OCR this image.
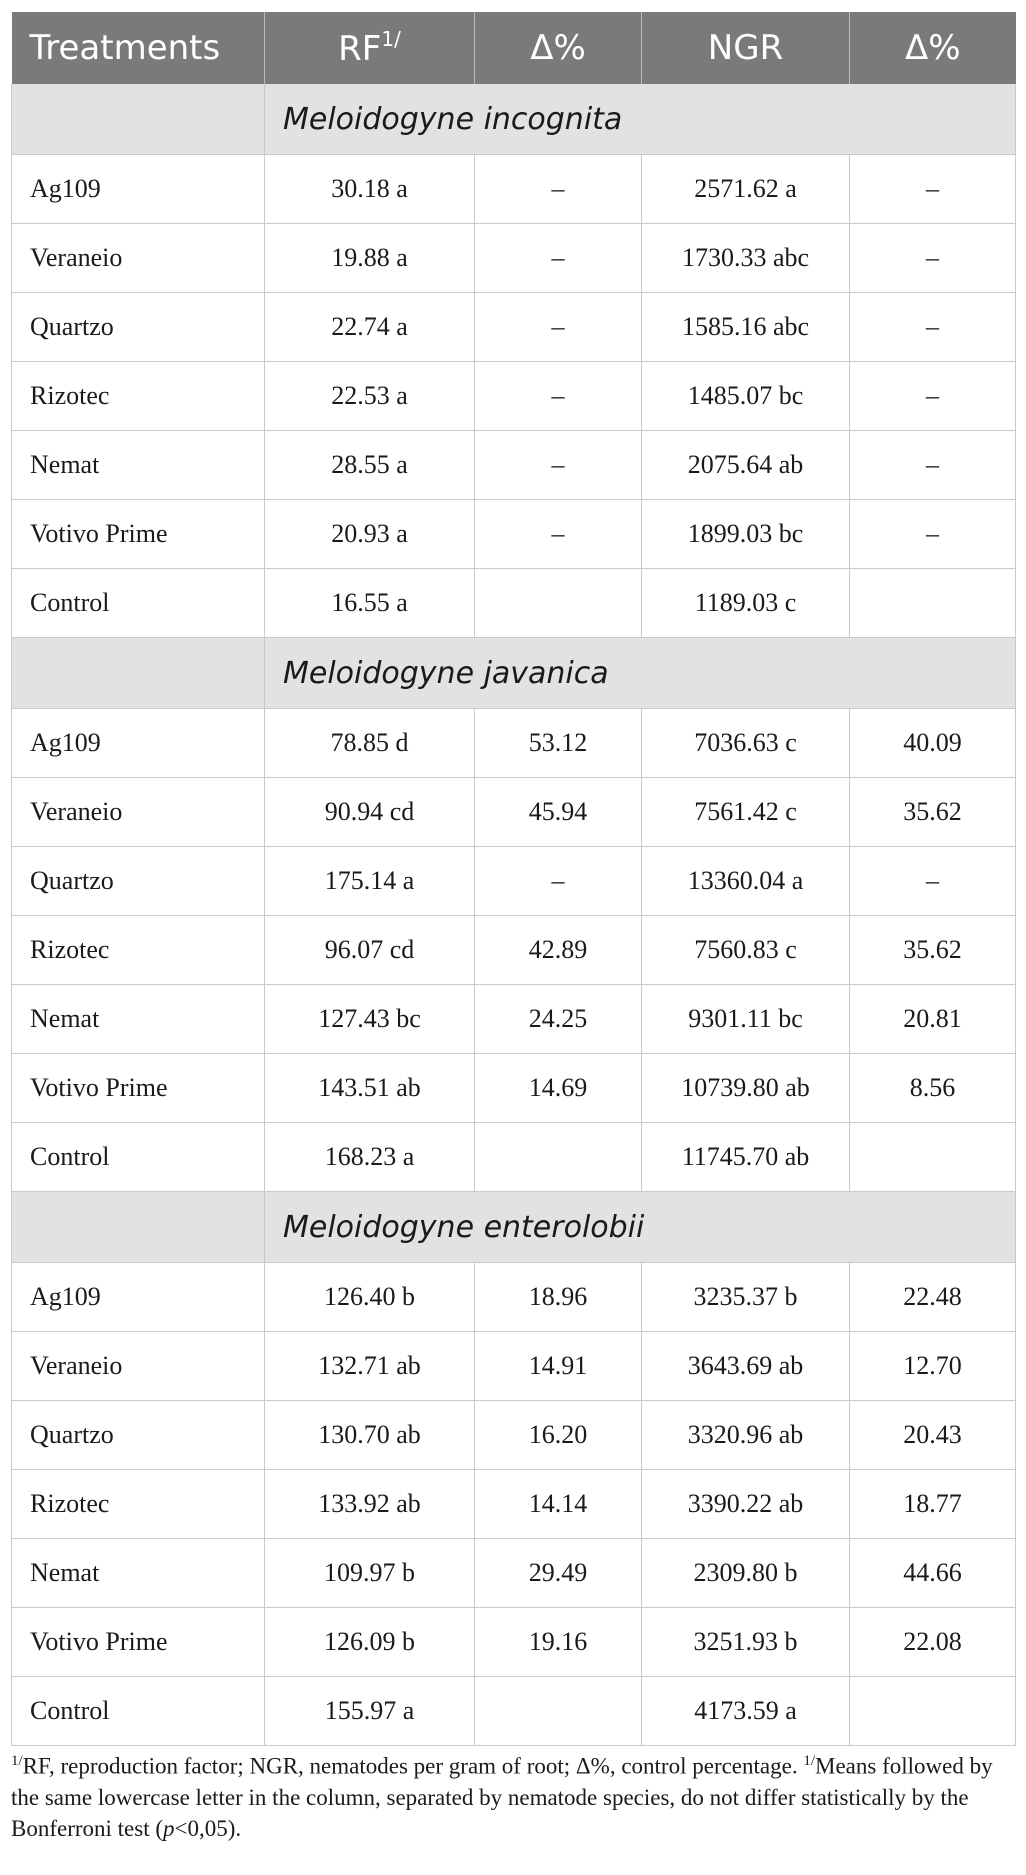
Treatments	$RF^{1/}$	Δ%	NGR	Δ%
	Meloidogyne incognita			
Ag109	30.18 a	–	2571.62 a	–
Veraneio	19.88 a	–	1730.33 abc	–
Quartzo	22.74 a	–	1585.16 abc	–
Rizotec	22.53 a	–	1485.07 bc	–
Nemat	28.55 a	–	2075.64 ab	–
Votivo Prime	20.93 a	–	1899.03 bc	–
Control	16.55 a		1189.03 c	
	Meloidogyne javanica			
Ag109	78.85 d	53.12	7036.63 c	40.09
Veraneio	90.94 cd	45.94	7561.42 c	35.62
Quartzo	175.14 a	–	13360.04 a	–
Rizotec	96.07 cd	42.89	7560.83 c	35.62
Nemat	127.43 bc	24.25	9301.11 bc	20.81
Votivo Prime	143.51 ab	14.69	10739.80 ab	8.56
Control	168.23 a		11745.70 ab	
	Meloidogyne enterolobii			
Ag109	126.40 b	18.96	3235.37 b	22.48
Veraneio	132.71 ab	14.91	3643.69 ab	12.70
Quartzo	130.70 ab	16.20	3320.96 ab	20.43
Rizotec	133.92 ab	14.14	3390.22 ab	18.77
Nemat	109.97 b	29.49	2309.80 b	44.66
Votivo Prime	126.09 b	19.16	3251.93 b	22.08
Control	155.97 a		4173.59 a	
$^{1/}$RF, reproduction factor; NGR, nematodes per gram of root; Δ%, control percentage. $^{1/}$Means followed by the same lowercase letter in the column, separated by nematode species, do not differ statistically by the Bonferroni test (p<0,05).
